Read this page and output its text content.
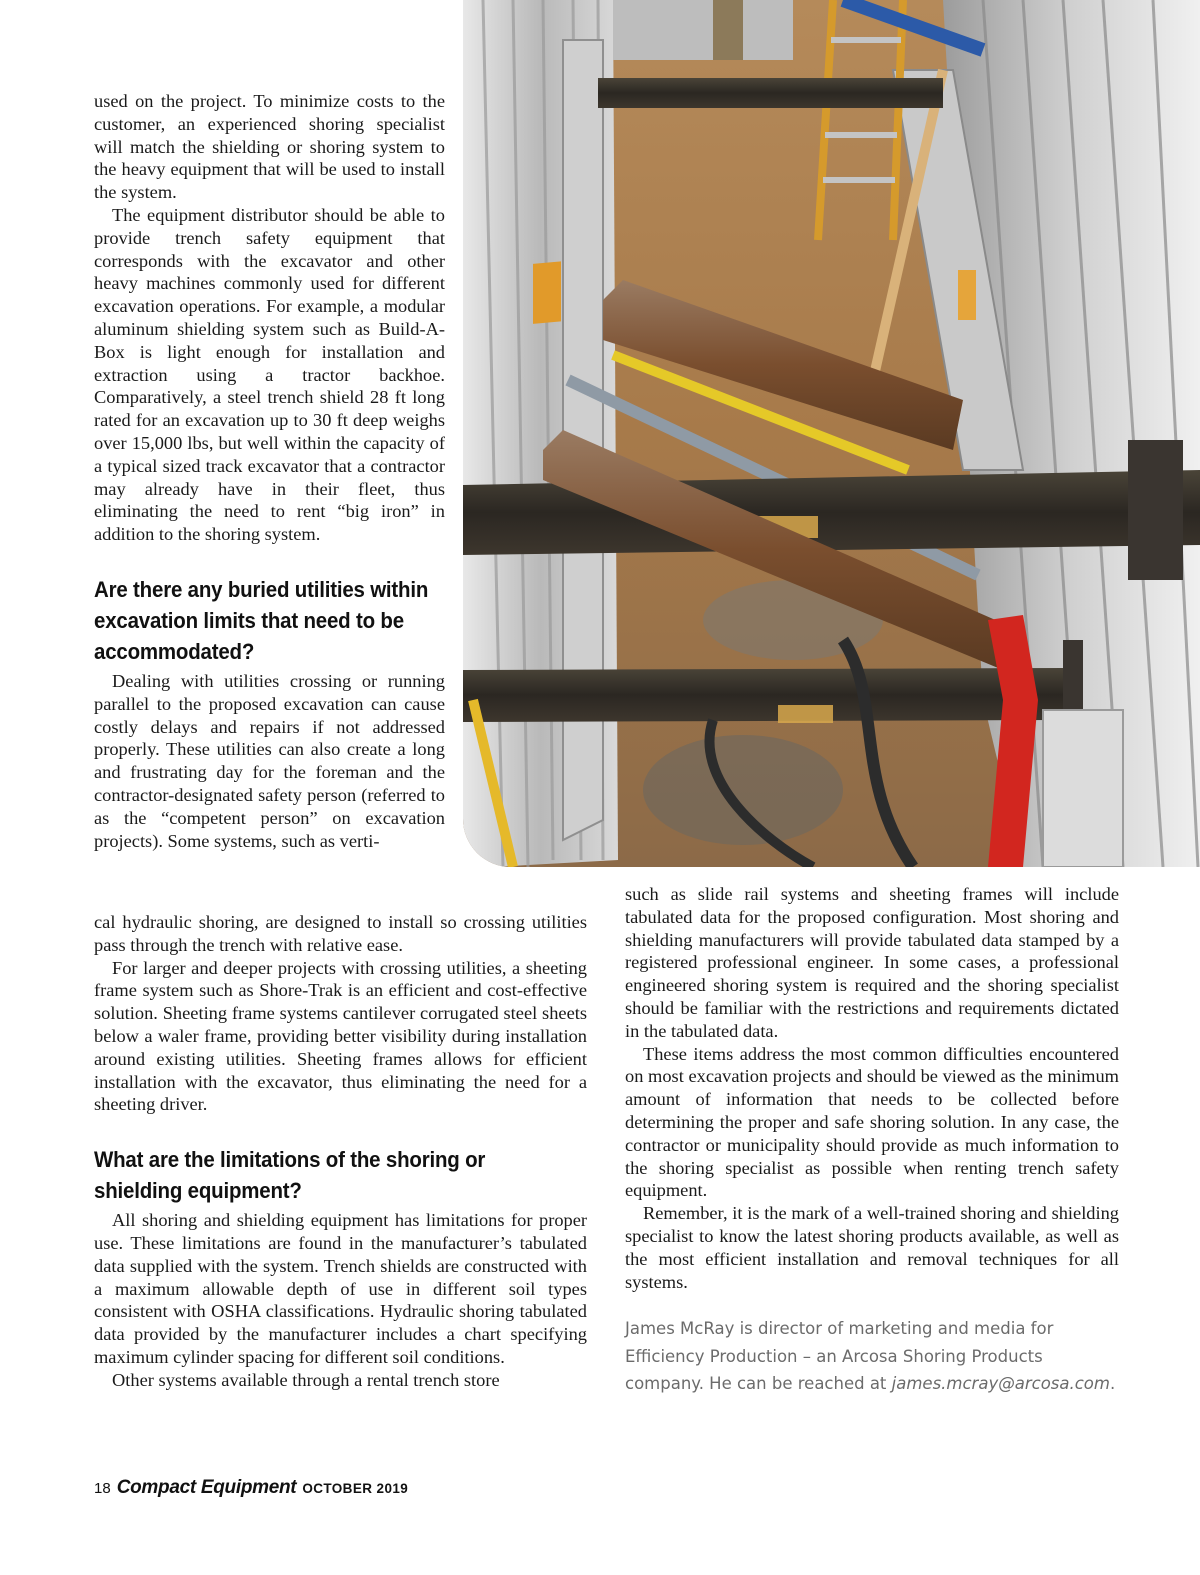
used on the project. To minimize costs to the customer, an experienced shoring specialist will match the shielding or shoring system to the heavy equipment that will be used to install the system.

The equipment distributor should be able to provide trench safety equipment that corresponds with the excavator and other heavy machines commonly used for different excavation operations. For example, a modular aluminum shielding system such as Build-A-Box is light enough for installation and extraction using a tractor backhoe. Comparatively, a steel trench shield 28 ft long rated for an excavation up to 30 ft deep weighs over 15,000 lbs, but well within the capacity of a typical sized track excavator that a contractor may already have in their fleet, thus eliminating the need to rent “big iron” in addition to the shoring system.

Are there any buried utilities within excavation limits that need to be accommodated?

Dealing with utilities crossing or running parallel to the proposed excavation can cause costly delays and repairs if not addressed properly. These utilities can also create a long and frustrating day for the foreman and the contractor-designated safety person (referred to as the “competent person” on excavation projects). Some systems, such as verti-

cal hydraulic shoring, are designed to install so crossing utilities pass through the trench with relative ease.

For larger and deeper projects with crossing utilities, a sheeting frame system such as Shore-Trak is an efficient and cost-effective solution. Sheeting frame systems cantilever corrugated steel sheets below a waler frame, providing better visibility during installation around existing utilities. Sheeting frames allows for efficient installation with the excavator, thus eliminating the need for a sheeting driver.

What are the limitations of the shoring or shielding equipment?

All shoring and shielding equipment has limitations for proper use. These limitations are found in the manufacturer’s tabulated data supplied with the system. Trench shields are constructed with a maximum allowable depth of use in different soil types consistent with OSHA classifications. Hydraulic shoring tabulated data provided by the manufacturer includes a chart specifying maximum cylinder spacing for different soil conditions.

Other systems available through a rental trench store

such as slide rail systems and sheeting frames will include tabulated data for the proposed configuration. Most shoring and shielding manufacturers will provide tabulated data stamped by a registered professional engineer. In some cases, a professional engineered shoring system is required and the shoring specialist should be familiar with the restrictions and requirements dictated in the tabulated data.

These items address the most common difficulties encountered on most excavation projects and should be viewed as the minimum amount of information that needs to be collected before determining the proper and safe shoring solution. In any case, the contractor or municipality should provide as much information to the shoring specialist as possible when renting trench safety equipment.

Remember, it is the mark of a well-trained shoring and shielding specialist to know the latest shoring products available, as well as the most efficient installation and removal techniques for all systems.

James McRay is director of marketing and media for Efficiency Production – an Arcosa Shoring Products company. He can be reached at james.mcray@arcosa.com.

18 Compact Equipment OCTOBER 2019
